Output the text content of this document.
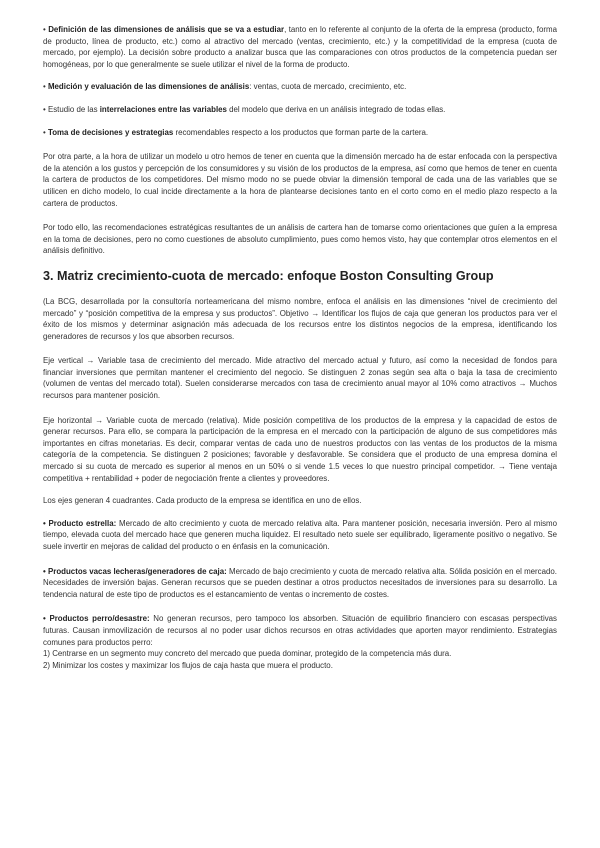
• Definición de las dimensiones de análisis que se va a estudiar, tanto en lo referente al conjunto de la oferta de la empresa (producto, forma de producto, línea de producto, etc.) como al atractivo del mercado (ventas, crecimiento, etc.) y la competitividad de la empresa (cuota de mercado, por ejemplo). La decisión sobre producto a analizar busca que las comparaciones con otros productos de la competencia puedan ser homogéneas, por lo que generalmente se suele utilizar el nivel de la forma de producto.

• Medición y evaluación de las dimensiones de análisis: ventas, cuota de mercado, crecimiento, etc.

• Estudio de las interrelaciones entre las variables del modelo que deriva en un análisis integrado de todas ellas.

• Toma de decisiones y estrategias recomendables respecto a los productos que forman parte de la cartera.

Por otra parte, a la hora de utilizar un modelo u otro hemos de tener en cuenta que la dimensión mercado ha de estar enfocada con la perspectiva de la atención a los gustos y percepción de los consumidores y su visión de los productos de la empresa, así como que hemos de tener en cuenta la cartera de productos de los competidores. Del mismo modo no se puede obviar la dimensión temporal de cada una de las variables que se utilicen en dicho modelo, lo cual incide directamente a la hora de plantearse decisiones tanto en el corto como en el medio plazo respecto a la cartera de productos.

Por todo ello, las recomendaciones estratégicas resultantes de un análisis de cartera han de tomarse como orientaciones que guíen a la empresa en la toma de decisiones, pero no como cuestiones de absoluto cumplimiento, pues como hemos visto, hay que contemplar otros elementos en el análisis definitivo.

3. Matriz crecimiento-cuota de mercado: enfoque Boston Consulting Group

(La BCG, desarrollada por la consultoría norteamericana del mismo nombre, enfoca el análisis en las dimensiones “nivel de crecimiento del mercado” y “posición competitiva de la empresa y sus productos”. Objetivo → Identificar los flujos de caja que generan los productos para ver el éxito de los mismos y determinar asignación más adecuada de los recursos entre los distintos negocios de la empresa, identificando los generadores de recursos y los que absorben recursos.

Eje vertical → Variable tasa de crecimiento del mercado. Mide atractivo del mercado actual y futuro, así como la necesidad de fondos para financiar inversiones que permitan mantener el crecimiento del negocio. Se distinguen 2 zonas según sea alta o baja la tasa de crecimiento (volumen de ventas del mercado total). Suelen considerarse mercados con tasa de crecimiento anual mayor al 10% como atractivos → Muchos recursos para mantener posición.

Eje horizontal → Variable cuota de mercado (relativa). Mide posición competitiva de los productos de la empresa y la capacidad de estos de generar recursos. Para ello, se compara la participación de la empresa en el mercado con la participación de alguno de sus competidores más importantes en cifras monetarias. Es decir, comparar ventas de cada uno de nuestros productos con las ventas de los productos de la misma categoría de la competencia. Se distinguen 2 posiciones; favorable y desfavorable. Se considera que el producto de una empresa domina el mercado si su cuota de mercado es superior al menos en un 50% o si vende 1.5 veces lo que nuestro principal competidor. → Tiene ventaja competitiva + rentabilidad + poder de negociación frente a clientes y proveedores.

Los ejes generan 4 cuadrantes. Cada producto de la empresa se identifica en uno de ellos.

• Producto estrella: Mercado de alto crecimiento y cuota de mercado relativa alta. Para mantener posición, necesaria inversión. Pero al mismo tiempo, elevada cuota del mercado hace que generen mucha liquidez. El resultado neto suele ser equilibrado, ligeramente positivo o negativo. Se suele invertir en mejoras de calidad del producto o en énfasis en la comunicación.

• Productos vacas lecheras/generadores de caja: Mercado de bajo crecimiento y cuota de mercado relativa alta. Sólida posición en el mercado. Necesidades de inversión bajas. Generan recursos que se pueden destinar a otros productos necesitados de inversiones para su desarrollo. La tendencia natural de este tipo de productos es el estancamiento de ventas o incremento de costes.

• Productos perro/desastre: No generan recursos, pero tampoco los absorben. Situación de equilibrio financiero con escasas perspectivas futuras. Causan inmovilización de recursos al no poder usar dichos recursos en otras actividades que aporten mayor rendimiento. Estrategias comunes para productos perro:
1) Centrarse en un segmento muy concreto del mercado que pueda dominar, protegido de la competencia más dura.
2) Minimizar los costes y maximizar los flujos de caja hasta que muera el producto.
